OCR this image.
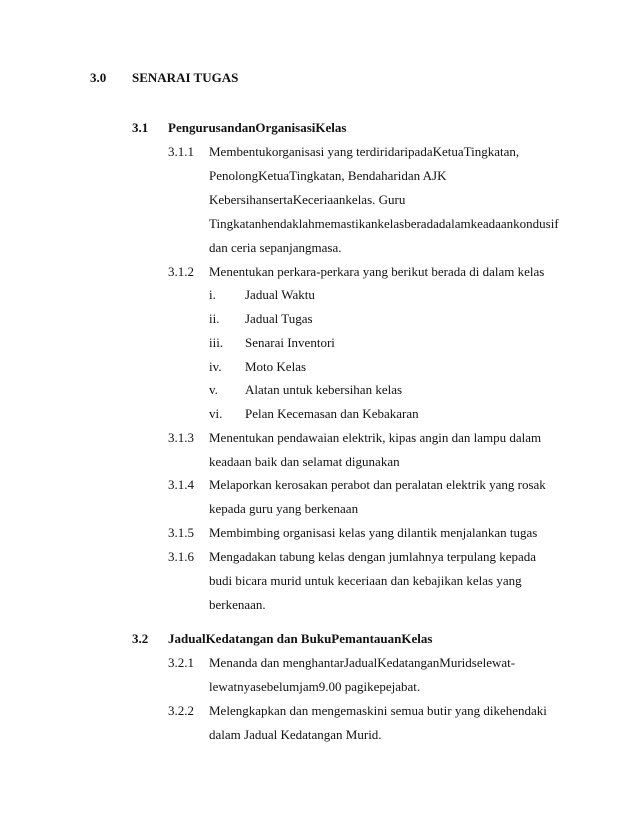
3.0 SENARAI TUGAS
3.1 PengurusandanOrganisasiKelas
3.1.1 Membentukorganisasi yang terdiridaripadaKetuaTingkatan,
PenolongKetuaTingkatan, Bendaharidan AJK
KebersihansertaKeceriaankelas. Guru
Tingkatanhendaklahmemastikankelasberadadalamkeadaankondusif
dan ceria sepanjangmasa.
3.1.2 Menentukan perkara-perkara yang berikut berada di dalam kelas
i. Jadual Waktu
ii. Jadual Tugas
iii. Senarai Inventori
iv. Moto Kelas
v. Alatan untuk kebersihan kelas
vi. Pelan Kecemasan dan Kebakaran
3.1.3 Menentukan pendawaian elektrik, kipas angin dan lampu dalam
keadaan baik dan selamat digunakan
3.1.4 Melaporkan kerosakan perabot dan peralatan elektrik yang rosak
kepada guru yang berkenaan
3.1.5 Membimbing organisasi kelas yang dilantik menjalankan tugas
3.1.6 Mengadakan tabung kelas dengan jumlahnya terpulang kepada
budi bicara murid untuk keceriaan dan kebajikan kelas yang
berkenaan.
3.2 JadualKedatangan dan BukuPemantauanKelas
3.2.1 Menanda dan menghantarJadualKedatanganMuridselewat-
lewatnyasebelumjam9.00 pagikepejabat.
3.2.2 Melengkapkan dan mengemaskini semua butir yang dikehendaki
dalam Jadual Kedatangan Murid.
